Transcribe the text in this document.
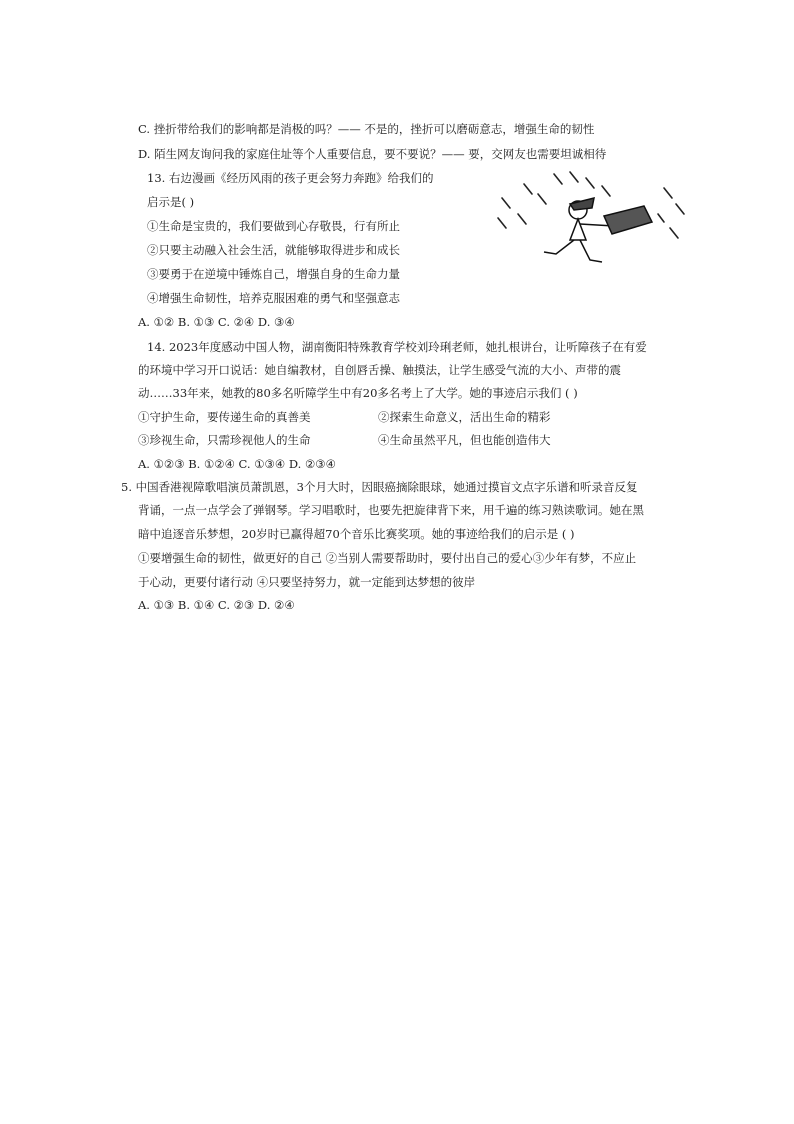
C. 挫折带给我们的影响都是消极的吗？—— 不是的，挫折可以磨砺意志，增强生命的韧性
D. 陌生网友询问我的家庭住址等个人重要信息，要不要说？—— 要，交网友也需要坦诚相待
13. 右边漫画《经历风雨的孩子更会努力奔跑》给我们的
启示是( )
①生命是宝贵的，我们要做到心存敬畏，行有所止
②只要主动融入社会生活，就能够取得进步和成长
③要勇于在逆境中锤炼自己，增强自身的生命力量
④增强生命韧性，培养克服困难的勇气和坚强意志
A. ①② B. ①③ C. ②④ D. ③④
14. 2023年度感动中国人物，湖南衡阳特殊教育学校刘玲琍老师，她扎根讲台，让听障孩子在有爱
的环境中学习开口说话：她自编教材，自创唇舌操、触摸法，让学生感受气流的大小、声带的震
动……33年来，她教的80多名听障学生中有20多名考上了大学。她的事迹启示我们 ( )
①守护生命，要传递生命的真善美	②探索生命意义，活出生命的精彩
③珍视生命，只需珍视他人的生命	④生命虽然平凡，但也能创造伟大
A. ①②③ B. ①②④ C. ①③④ D. ②③④
5. 中国香港视障歌唱演员萧凯恩，3个月大时，因眼癌摘除眼球，她通过摸盲文点字乐谱和听录音反复
背诵，一点一点学会了弹钢琴。学习唱歌时，也要先把旋律背下来，用千遍的练习熟读歌词。她在黑
暗中追逐音乐梦想，20岁时已赢得超70个音乐比赛奖项。她的事迹给我们的启示是 ( )
①要增强生命的韧性，做更好的自己 ②当别人需要帮助时，要付出自己的爱心③少年有梦，不应止
于心动，更要付诸行动 ④只要坚持努力，就一定能到达梦想的彼岸
A. ①③ B. ①④ C. ②③ D. ②④
